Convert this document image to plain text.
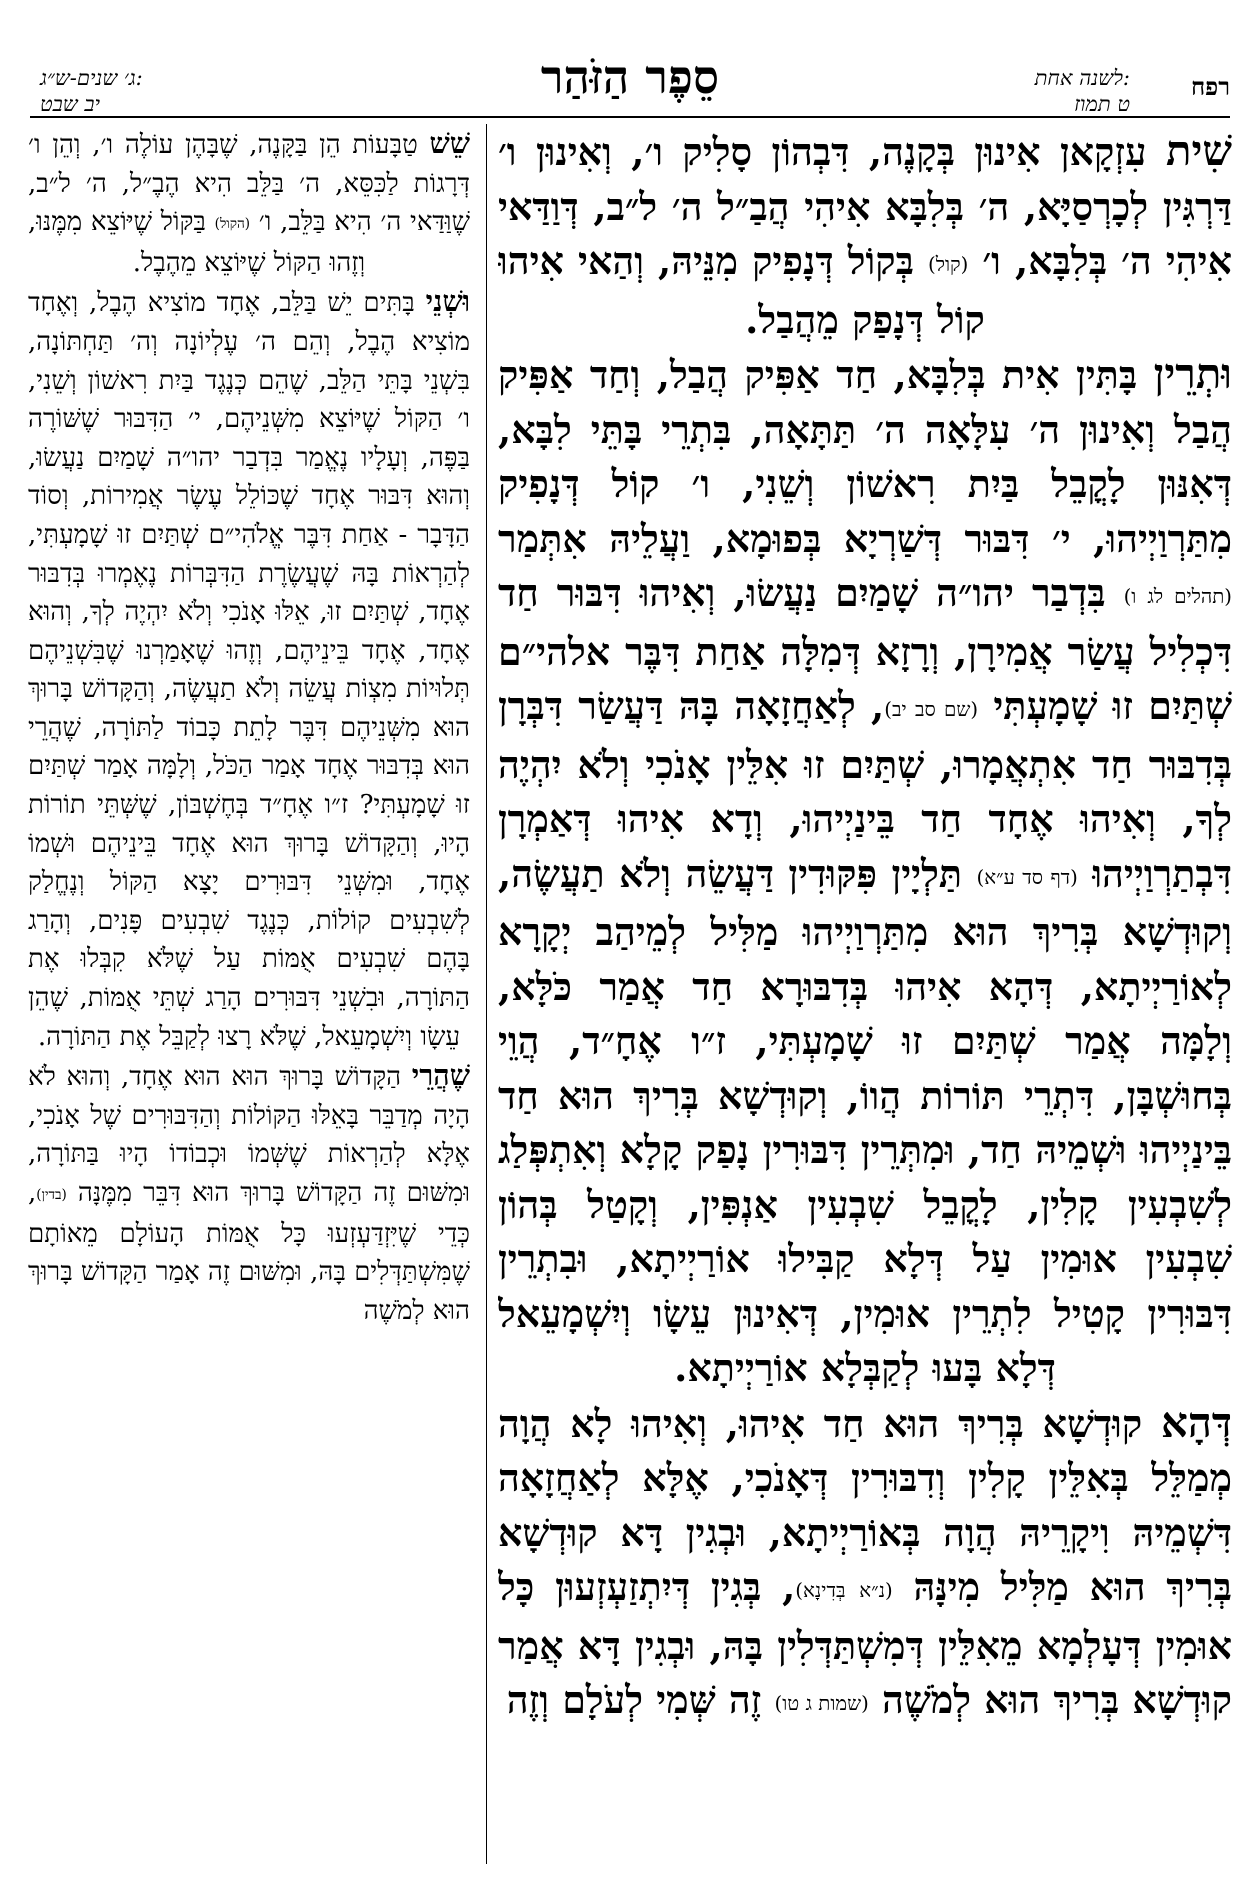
רפח
לשנה אחת:
ט תמוז
סֵפֶר הַזֹּהַר
ג׳ שנים-ש״ג:
יב שבט

שִׁית עִזְקָאן אִינוּן בְּקָנֶה, דִּבְהוֹן סָלִיק ו׳, וְאִינוּן ו׳ דַּרְגִּין לְכָרְסַיָּא, ה׳ בְּלִבָּא אִיהִי הֲבַ״ל ה׳ ל״ב, דְּוַדַּאי אִיהִי ה׳ בְּלִבָּא, ו׳ (קול) בְּקוֹל דְּנָפִיק מִנֵּיהּ, וְהַאי אִיהוּ קוֹל דְּנָפַק מֵהֲבַל.

וּתְרֵין בָּתִּין אִית בְּלִבָּא, חַד אַפִּיק הֲבַל, וְחַד אַפִּיק הֲבַל וְאִינוּן ה׳ עִלָּאָה ה׳ תַּתָּאָה, בִּתְרֵי בָּתֵּי לִבָּא, דְּאִנּוּן לָקֳבֵל בַּיִת רִאשׁוֹן וְשֵׁנִי, ו׳ קוֹל דְּנָפִיק מִתַּרְוַיְיהוּ, י׳ דִּבּוּר דְּשַׁרְיָא בְּפוּמָא, וַעֲלֵיהּ אִתְּמַר (תהלים לג ו) בִּדְבַר יהו״ה שָׁמַיִם נַעֲשׂוּ, וְאִיהוּ דִּבּוּר חַד דִּכְלִיל עֲשַׂר אֲמִירָן, וְרָזָא דְּמִלָּה אַחַת דִּבֶּר אלהי״ם שְׁתַּיִם זוּ שָׁמָעְתִּי (שם סב יב), לְאַחֲזָאָה בָּהּ דַּעֲשַׂר דִּבְּרָן בְּדִבּוּר חַד אִתְאֲמָרוּ, שְׁתַּיִם זוּ אִלֵּין אָנֹכִי וְלֹא יִהְיֶה לְךָ, וְאִיהוּ אֶחָד חַד בֵּינַיְיהוּ, וְדָא אִיהוּ דְּאַמְרָן דִּבְתַרְוַיְיהוּ (דף סד ע״א) תַּלְיָין פִּקּוּדִין דַּעֲשֵׂה וְלֹא תַעֲשֶׂה, וְקוּדְשָׁא בְּרִיךְ הוּא מִתַּרְוַיְיהוּ מַלִּיל לְמֵיהַב יְקָרָא לְאוֹרַיְיתָא, דְּהָא אִיהוּ בְּדִבּוּרָא חַד אֲמַר כֹּלָּא, וְלָמָּה אֲמַר שְׁתַּיִם זוּ שָׁמָעְתִּי, ז״ו אֶחָ״ד, הֲוֵי בְּחוּשְׁבָּן, דִּתְרֵי תּוֹרוֹת הֲווֹ, וְקוּדְשָׁא בְּרִיךְ הוּא חַד בֵּינַיְיהוּ וּשְׁמֵיהּ חַד, וּמִתְּרֵין דִּבּוּרִין נָפַק קָלָא וְאִתְפְּלַג לְשִׁבְעִין קָלִין, לָקֳבֵל שִׁבְעִין אַנְפִּין, וְקָטַל בְּהוֹן שִׁבְעִין אוּמִין עַל דְּלָא קַבִּילוּ אוֹרַיְיתָא, וּבִתְרֵין דִּבּוּרִין קָטִיל לִתְרֵין אוּמִין, דְּאִינוּן עֵשָׂו וְיִשְׁמָעֵאל דְּלָא בָּעוּ לְקַבְּלָא אוֹרַיְיתָא.

דְּהָא קוּדְשָׁא בְּרִיךְ הוּא חַד אִיהוּ, וְאִיהוּ לָא הֲוָה מְמַלֵּל בְּאִלֵּין קָלִין וְדִבּוּרִין דְּאָנֹכִי, אֶלָּא לְאַחֲזָאָה דִּשְׁמֵיהּ וִיקָרֵיהּ הֲוָה בְּאוֹרַיְיתָא, וּבְגִין דָּא קוּדְשָׁא בְּרִיךְ הוּא מַלִּיל מִינָּהּ (נ״א בְּדִינָא), בְּגִין דְּיִתְזַעְזְעוּן כָּל אוּמִין דְּעָלְמָא מֵאִלֵּין דְּמִשְׁתַּדְּלִין בָּהּ, וּבְגִין דָּא אֲמַר קוּדְשָׁא בְּרִיךְ הוּא לְמֹשֶׁה (שמות ג טו) זֶה שְּׁמִי לְעֹלָם וְזֶה

שֵׁשׁ טַבָּעוֹת הֵן בַּקָּנֶה, שֶׁבָּהֶן עוֹלֶה ו׳, וְהֵן ו׳ דְּרָגוֹת לַכִּסֵּא, ה׳ בַּלֵּב הִיא הֶבֶ״ל, ה׳ ל״ב, שֶׁוַּדַּאי ה׳ הִיא בַּלֵּב, ו׳ (הקול) בַּקּוֹל שֶׁיּוֹצֵא מִמֶּנּוּ, וְזֶהוּ הַקּוֹל שֶׁיּוֹצֵא מֵהֶבֶל.

וּשְׁנֵי בָּתִּים יֵשׁ בַּלֵּב, אֶחָד מוֹצִיא הֶבֶל, וְאֶחָד מוֹצִיא הֶבֶל, וְהֵם ה׳ עֶלְיוֹנָה וְה׳ תַּחְתּוֹנָה, בִּשְׁנֵי בָּתֵּי הַלֵּב, שֶׁהֵם כְּנֶגֶד בַּיִת רִאשׁוֹן וְשֵׁנִי, ו׳ הַקּוֹל שֶׁיּוֹצֵא מִשְּׁנֵיהֶם, י׳ הַדִּבּוּר שֶׁשּׁוֹרֶה בַּפֶּה, וְעָלָיו נֶאֱמַר בִּדְבַר יהו״ה שָׁמַיִם נַעֲשׂוּ, וְהוּא דִּבּוּר אֶחָד שֶׁכּוֹלֵל עֶשֶׂר אֲמִירוֹת, וְסוֹד הַדָּבָר - אַחַת דִּבֶּר אֱלֹהִי״ם שְׁתַּיִם זוּ שָׁמָעְתִּי, לְהַרְאוֹת בָּהּ שֶׁעֲשֶׂרֶת הַדִּבְּרוֹת נֶאֶמְרוּ בְּדִבּוּר אֶחָד, שְׁתַּיִם זוּ, אֵלּוּ אָנֹכִי וְלֹא יִהְיֶה לְךָ, וְהוּא אֶחָד, אֶחָד בֵּינֵיהֶם, וְזֶהוּ שֶׁאָמַרְנוּ שֶׁבִּשְׁנֵיהֶם תְּלוּיוֹת מִצְוֹת עֲשֵׂה וְלֹא תַעֲשֶׂה, וְהַקָּדוֹשׁ בָּרוּךְ הוּא מִשְּׁנֵיהֶם דִּבֶּר לָתֵת כָּבוֹד לַתּוֹרָה, שֶׁהֲרֵי הוּא בְּדִבּוּר אֶחָד אָמַר הַכֹּל, וְלָמָּה אָמַר שְׁתַּיִם זוּ שָׁמָעְתִּי? ז״ו אֶחָ״ד בְּחֶשְׁבּוֹן, שֶׁשְּׁתֵּי תוֹרוֹת הָיוּ, וְהַקָּדוֹשׁ בָּרוּךְ הוּא אֶחָד בֵּינֵיהֶם וּשְׁמוֹ אֶחָד, וּמִשְּׁנֵי דִּבּוּרִים יָצָא הַקּוֹל וְנֶחֱלַק לְשִׁבְעִים קוֹלוֹת, כְּנֶגֶד שִׁבְעִים פָּנִים, וְהָרַג בָּהֶם שִׁבְעִים אֻמּוֹת עַל שֶׁלֹּא קִבְּלוּ אֶת הַתּוֹרָה, וּבִשְׁנֵי דִּבּוּרִים הָרַג שְׁתֵּי אֻמּוֹת, שֶׁהֵן עֵשָׂו וְיִשְׁמָעֵאל, שֶׁלֹּא רָצוּ לְקַבֵּל אֶת הַתּוֹרָה.

שֶׁהֲרֵי הַקָּדוֹשׁ בָּרוּךְ הוּא הוּא אֶחָד, וְהוּא לֹא הָיָה מְדַבֵּר בָּאֵלּוּ הַקּוֹלוֹת וְהַדִּבּוּרִים שֶׁל אָנֹכִי, אֶלָּא לְהַרְאוֹת שֶׁשְּׁמוֹ וּכְבוֹדוֹ הָיוּ בַּתּוֹרָה, וּמִשּׁוּם זֶה הַקָּדוֹשׁ בָּרוּךְ הוּא דִּבֵּר מִמֶּנָּה (בדין), כְּדֵי שֶׁיִּזְדַּעְזְעוּ כָּל אֻמּוֹת הָעוֹלָם מֵאוֹתָם שֶׁמִּשְׁתַּדְּלִים בָּהּ, וּמִשּׁוּם זֶה אָמַר הַקָּדוֹשׁ בָּרוּךְ הוּא לְמֹשֶׁה
